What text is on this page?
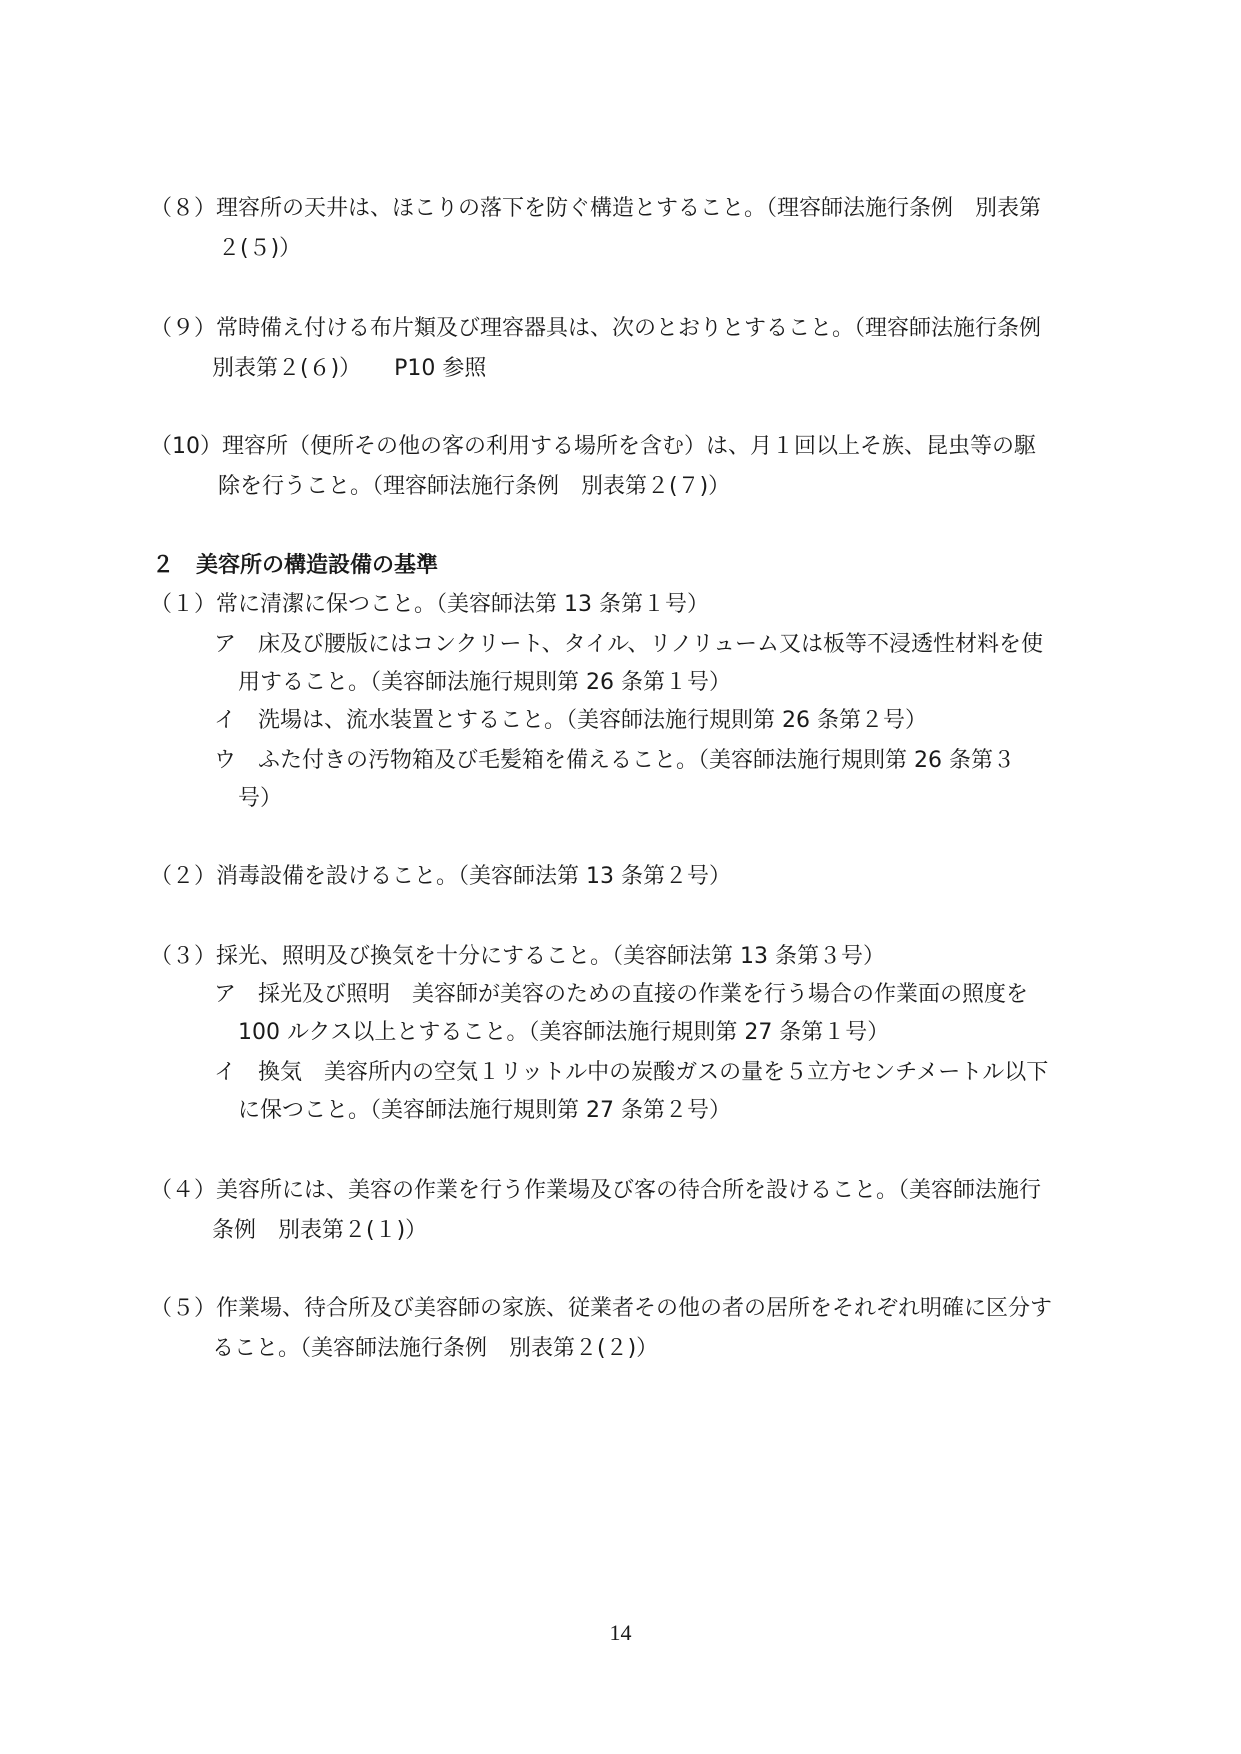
（８）理容所の天井は、ほこりの落下を防ぐ構造とすること。（理容師法施行条例　別表第
２(５)）
（９）常時備え付ける布片類及び理容器具は、次のとおりとすること。（理容師法施行条例
別表第２(６)）　　P10 参照
（10）理容所（便所その他の客の利用する場所を含む）は、月１回以上そ族、昆虫等の駆
除を行うこと。（理容師法施行条例　別表第２(７)）
２　美容所の構造設備の基準
（１）常に清潔に保つこと。（美容師法第 13 条第１号）
ア　床及び腰版にはコンクリート、タイル、リノリューム又は板等不浸透性材料を使
用すること。（美容師法施行規則第 26 条第１号）
イ　洗場は、流水装置とすること。（美容師法施行規則第 26 条第２号）
ウ　ふた付きの汚物箱及び毛髪箱を備えること。（美容師法施行規則第 26 条第３
号）
（２）消毒設備を設けること。（美容師法第 13 条第２号）
（３）採光、照明及び換気を十分にすること。（美容師法第 13 条第３号）
ア　採光及び照明　美容師が美容のための直接の作業を行う場合の作業面の照度を
100 ルクス以上とすること。（美容師法施行規則第 27 条第１号）
イ　換気　美容所内の空気１リットル中の炭酸ガスの量を５立方センチメートル以下
に保つこと。（美容師法施行規則第 27 条第２号）
（４）美容所には、美容の作業を行う作業場及び客の待合所を設けること。（美容師法施行
条例　別表第２(１)）
（５）作業場、待合所及び美容師の家族、従業者その他の者の居所をそれぞれ明確に区分す
ること。（美容師法施行条例　別表第２(２)）
14
